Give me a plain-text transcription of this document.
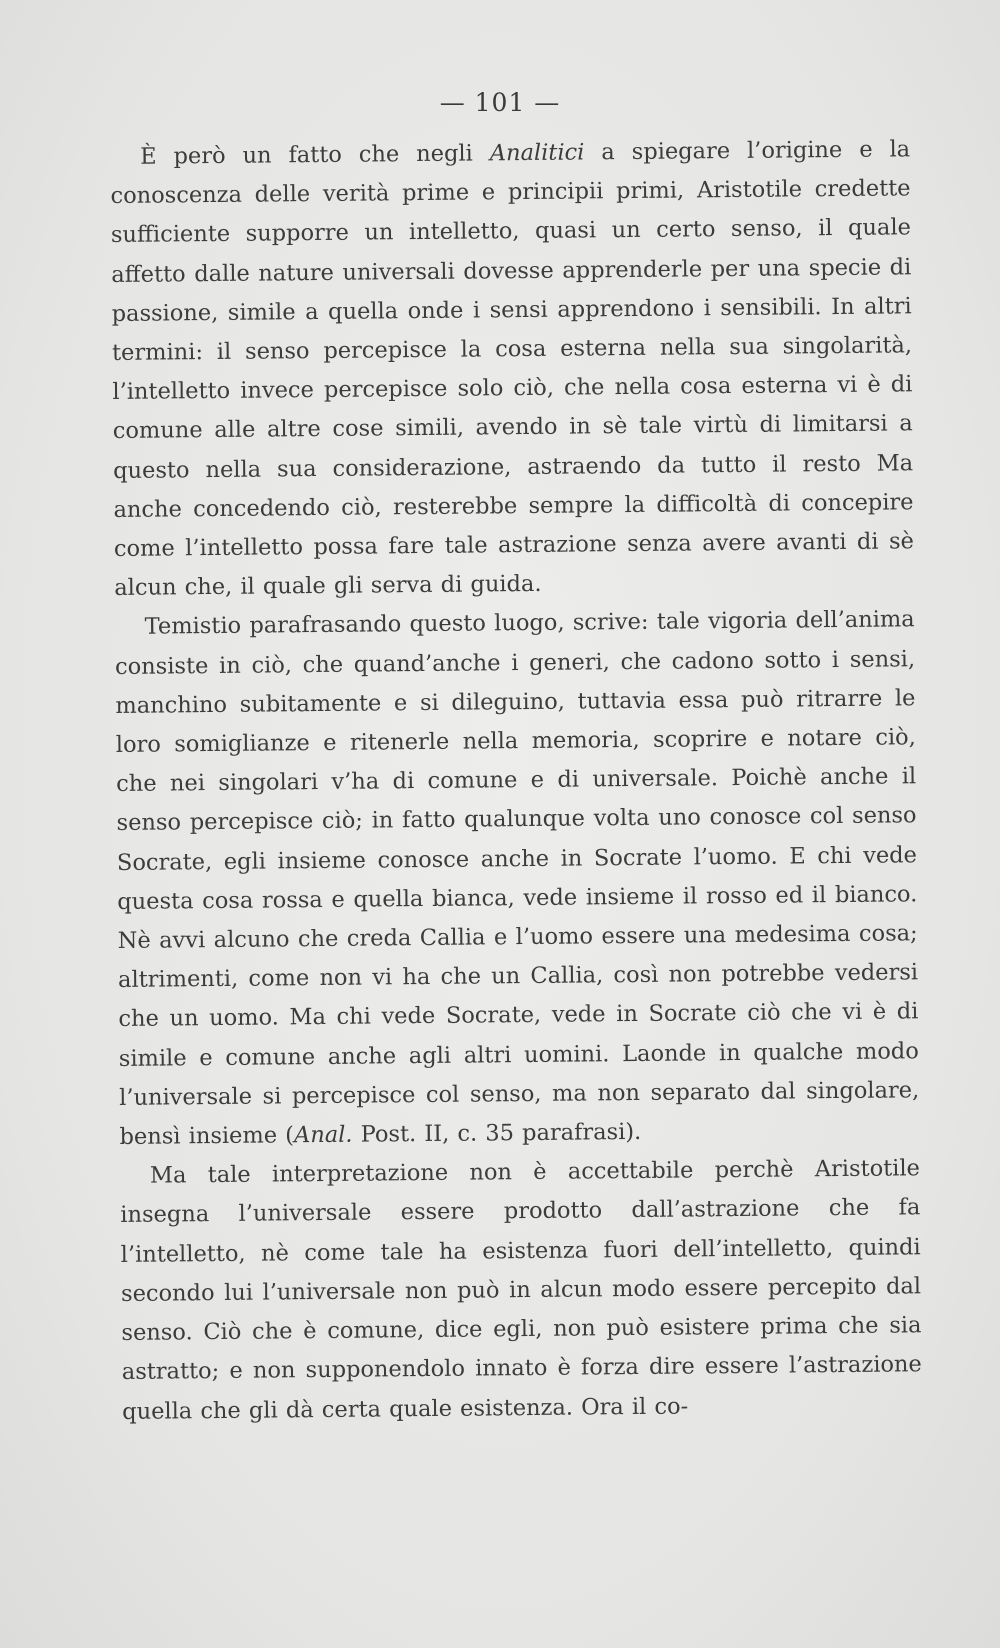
— 101 —

È però un fatto che negli Analitici a spiegare l’origine e la conoscenza delle verità prime e principii primi, Aristotile credette sufficiente supporre un intelletto, quasi un certo senso, il quale affetto dalle nature universali dovesse apprenderle per una specie di passione, simile a quella onde i sensi apprendono i sensibili. In altri termini: il senso percepisce la cosa esterna nella sua singolarità, l’intelletto invece percepisce solo ciò, che nella cosa esterna vi è di comune alle altre cose simili, avendo in sè tale virtù di limitarsi a questo nella sua considerazione, astraendo da tutto il resto Ma anche concedendo ciò, resterebbe sempre la difficoltà di concepire come l’intelletto possa fare tale astrazione senza avere avanti di sè alcun che, il quale gli serva di guida.

Temistio parafrasando questo luogo, scrive: tale vigoria dell’anima consiste in ciò, che quand’anche i generi, che cadono sotto i sensi, manchino subitamente e si dileguino, tuttavia essa può ritrarre le loro somiglianze e ritenerle nella memoria, scoprire e notare ciò, che nei singolari v’ha di comune e di universale. Poichè anche il senso percepisce ciò; in fatto qualunque volta uno conosce col senso Socrate, egli insieme conosce anche in Socrate l’uomo. E chi vede questa cosa rossa e quella bianca, vede insieme il rosso ed il bianco. Nè avvi alcuno che creda Callia e l’uomo essere una medesima cosa; altrimenti, come non vi ha che un Callia, così non potrebbe vedersi che un uomo. Ma chi vede Socrate, vede in Socrate ciò che vi è di simile e comune anche agli altri uomini. Laonde in qualche modo l’universale si percepisce col senso, ma non separato dal singolare, bensì insieme (Anal. Post. II, c. 35 parafrasi).

Ma tale interpretazione non è accettabile perchè Aristotile insegna l’universale essere prodotto dall’astrazione che fa l’intelletto, nè come tale ha esistenza fuori dell’intelletto, quindi secondo lui l’universale non può in alcun modo essere percepito dal senso. Ciò che è comune, dice egli, non può esistere prima che sia astratto; e non supponendolo innato è forza dire essere l’astrazione quella che gli dà certa quale esistenza. Ora il co-
